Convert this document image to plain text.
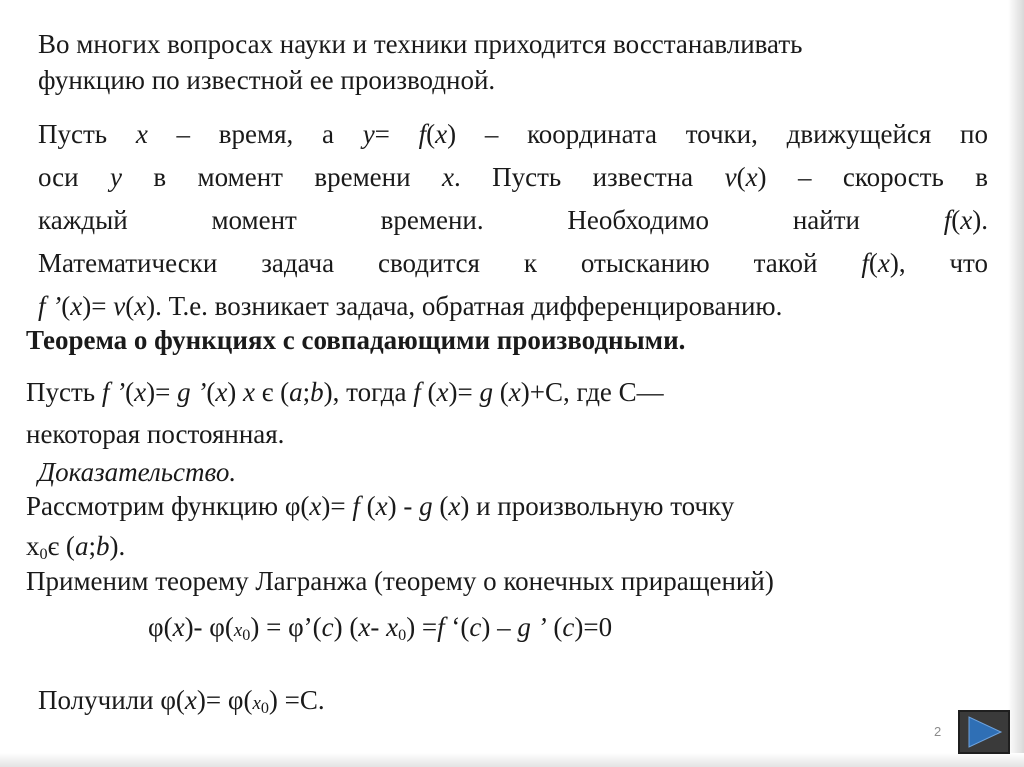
Во многих вопросах науки и техники приходится восстанавливать
функцию по известной ее производной.
Пусть x – время, а y= f(x) – координата точки, движущейся по
оси y в момент времени x. Пусть известна v(x) – скорость в
каждый момент времени. Необходимо найти f(x).
Математически задача сводится к отысканию такой f(x), что
f ’(x)= v(x). Т.е. возникает задача, обратная дифференцированию.
Теорема о функциях с совпадающими производными.
Пусть f ’(x)= g ’(x) x є (a;b), тогда f (x)= g (x)+С, где С—
некоторая постоянная.
Доказательство.
Рассмотрим функцию φ(x)= f (x) - g (x) и произвольную точку
$x_0є$ (a;b).
Применим теорему Лагранжа (теорему о конечных приращений)
φ(x)- $\varphi(x_0)$ = φ’(c) (x- $x_0) =f$ ‘(c) – g ’ (c)=0
Получили $\varphi(x)= \varphi(x_0) =С$.
2
